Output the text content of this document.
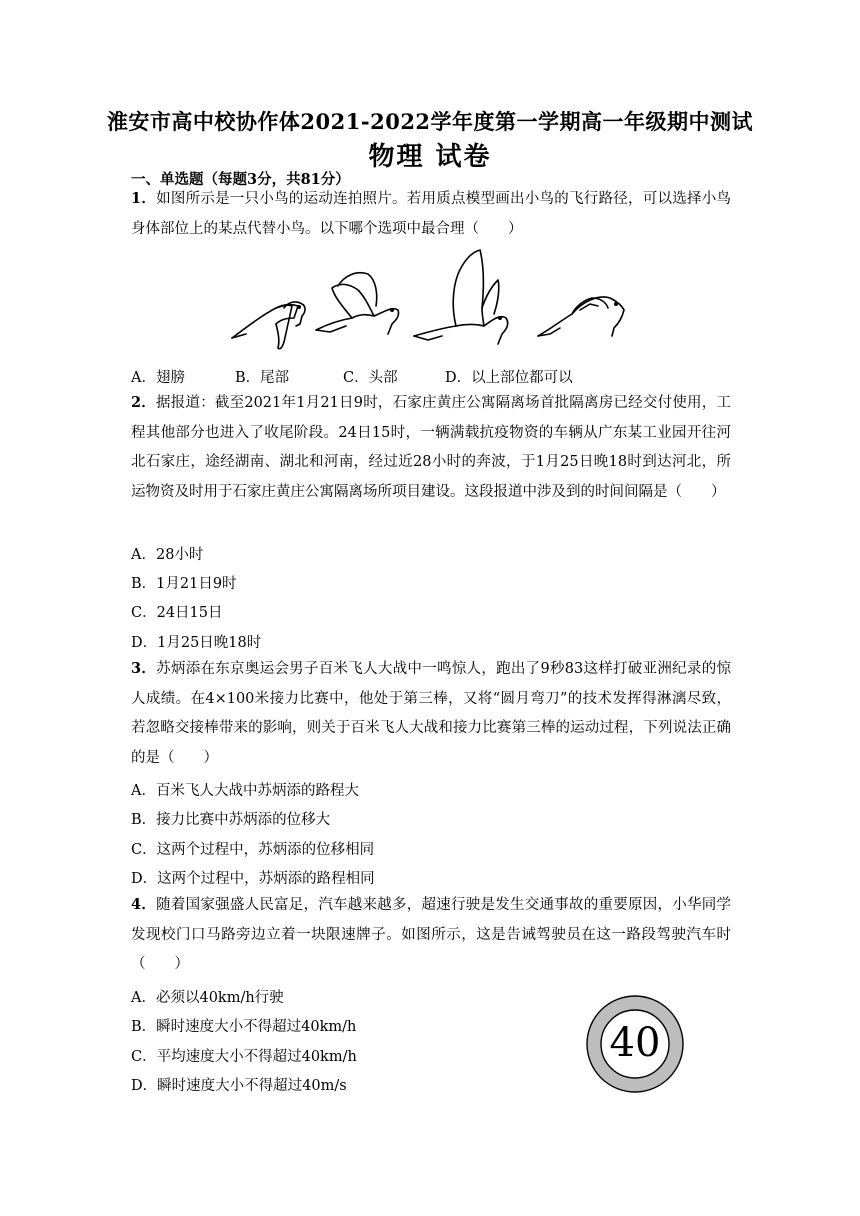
淮安市高中校协作体2021-2022学年度第一学期高一年级期中测试
物理 试卷
一、单选题（每题3分，共81分）
1．如图所示是一只小鸟的运动连拍照片。若用质点模型画出小鸟的飞行路径，可以选择小鸟身体部位上的某点代替小鸟。以下哪个选项中最合理（　　）
A．翅膀	B．尾部	C．头部	D．以上部位都可以
2．据报道：截至2021年1月21日9时，石家庄黄庄公寓隔离场首批隔离房已经交付使用，工程其他部分也进入了收尾阶段。24日15时，一辆满载抗疫物资的车辆从广东某工业园开往河北石家庄，途经湖南、湖北和河南，经过近28小时的奔波，于1月25日晚18时到达河北，所运物资及时用于石家庄黄庄公寓隔离场所项目建设。这段报道中涉及到的时间间隔是（　　）
A．28小时
B．1月21日9时
C．24日15日
D．1月25日晚18时
3．苏炳添在东京奥运会男子百米飞人大战中一鸣惊人，跑出了9秒83这样打破亚洲纪录的惊人成绩。在4×100米接力比赛中，他处于第三棒，又将“圆月弯刀”的技术发挥得淋漓尽致，若忽略交接棒带来的影响，则关于百米飞人大战和接力比赛第三棒的运动过程，下列说法正确的是（　　）
A．百米飞人大战中苏炳添的路程大
B．接力比赛中苏炳添的位移大
C．这两个过程中，苏炳添的位移相同
D．这两个过程中，苏炳添的路程相同
4．随着国家强盛人民富足，汽车越来越多，超速行驶是发生交通事故的重要原因，小华同学发现校门口马路旁边立着一块限速牌子。如图所示，这是告诫驾驶员在这一路段驾驶汽车时（　　）
A．必须以40km/h行驶
B．瞬时速度大小不得超过40km/h
C．平均速度大小不得超过40km/h
D．瞬时速度大小不得超过40m/s
40
